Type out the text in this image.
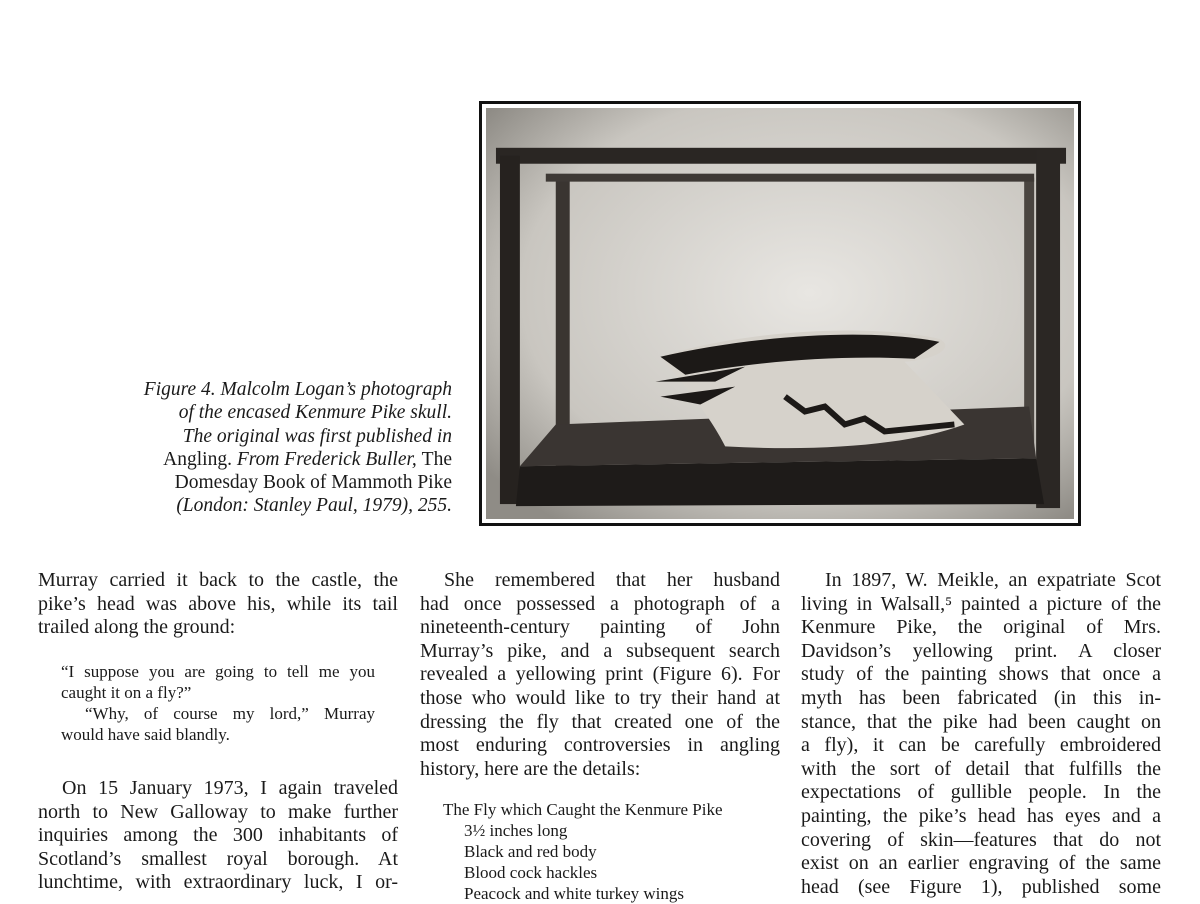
Figure 4. Malcolm Logan’s photograph
of the encased Kenmure Pike skull.
The original was first published in
Angling. From Frederick Buller, The
Domesday Book of Mammoth Pike
(London: Stanley Paul, 1979), 255.
Murray carried it back to the castle, the
pike’s head was above his, while its tail
trailed along the ground:
“I suppose you are going to tell me you
caught it on a fly?”
“Why, of course my lord,” Murray
would have said blandly.
On 15 January 1973, I again traveled
north to New Galloway to make further
inquiries among the 300 inhabitants of
Scotland’s smallest royal borough. At
lunchtime, with extraordinary luck, I or-
She remembered that her husband
had once possessed a photograph of a
nineteenth-century painting of John
Murray’s pike, and a subsequent search
revealed a yellowing print (Figure 6). For
those who would like to try their hand at
dressing the fly that created one of the
most enduring controversies in angling
history, here are the details:
The Fly which Caught the Kenmure Pike
3½ inches long
Black and red body
Blood cock hackles
Peacock and white turkey wings
In 1897, W. Meikle, an expatriate Scot
living in Walsall,⁵ painted a picture of the
Kenmure Pike, the original of Mrs.
Davidson’s yellowing print. A closer
study of the painting shows that once a
myth has been fabricated (in this in-
stance, that the pike had been caught on
a fly), it can be carefully embroidered
with the sort of detail that fulfills the
expectations of gullible people. In the
painting, the pike’s head has eyes and a
covering of skin—features that do not
exist on an earlier engraving of the same
head (see Figure 1), published some
